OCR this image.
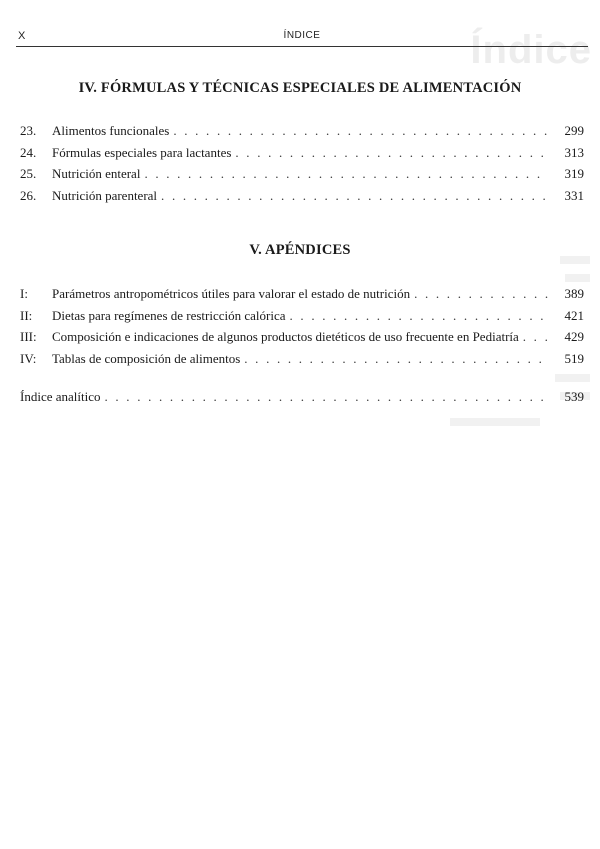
Índice
X	ÍNDICE
IV. FÓRMULAS Y TÉCNICAS ESPECIALES DE ALIMENTACIÓN
23.	Alimentos funcionales . . .	299
24.	Fórmulas especiales para lactantes . . .	313
25.	Nutrición enteral . . .	319
26.	Nutrición parenteral . . .	331
V. APÉNDICES
I:	Parámetros antropométricos útiles para valorar el estado de nutrición . . .	389
II:	Dietas para regímenes de restricción calórica . . .	421
III:	Composición e indicaciones de algunos productos dietéticos de uso frecuente en Pediatría . . .	429
IV:	Tablas de composición de alimentos . . .	519
Índice analítico . . .	539
